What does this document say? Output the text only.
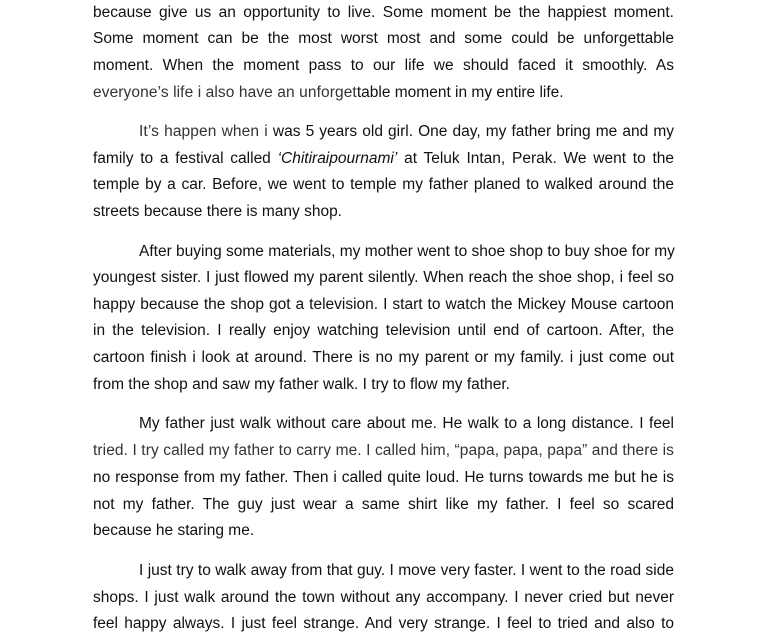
because give us an opportunity to live. Some moment be the happiest moment.
Some moment can be the most worst most and some could be unforgettable
moment. When the moment pass to our life we should faced it smoothly. As
everyone’s life i also have an unforgettable moment in my entire life.
It’s happen when i was 5 years old girl. One day, my father bring me and my
family to a festival called ‘Chitiraipournami’ at Teluk Intan, Perak. We went to the
temple by a car. Before, we went to temple my father planed to walked around the
streets because there is many shop.
After buying some materials, my mother went to shoe shop to buy shoe for my
youngest sister. I just flowed my parent silently. When reach the shoe shop, i feel so
happy because the shop got a television. I start to watch the Mickey Mouse cartoon
in the television. I really enjoy watching television until end of cartoon. After, the
cartoon finish i look at around. There is no my parent or my family. i just come out
from the shop and saw my father walk. I try to flow my father.
My father just walk without care about me. He walk to a long distance. I feel
tried. I try called my father to carry me. I called him, “papa, papa, papa” and there is
no response from my father. Then i called quite loud. He turns towards me but he is
not my father. The guy just wear a same shirt like my father. I feel so scared
because he staring me.
I just try to walk away from that guy. I move very faster. I went to the road side
shops. I just walk around the town without any accompany. I never cried but never
feel happy always. I just feel strange. And very strange. I feel to tried and also to
